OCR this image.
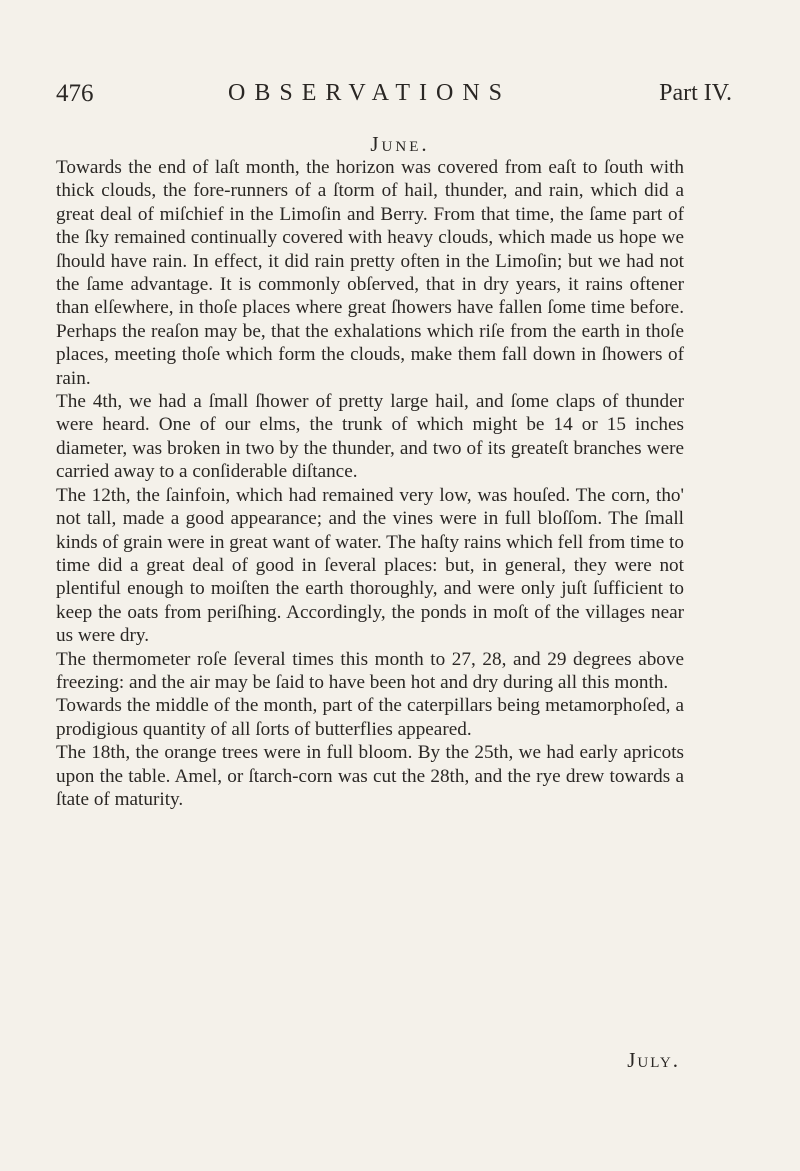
476	OBSERVATIONS	Part IV.
June.

Towards the end of laſt month, the horizon was covered from eaſt to ſouth with thick clouds, the fore-runners of a ſtorm of hail, thunder, and rain, which did a great deal of miſchief in the Limoſin and Berry. From that time, the ſame part of the ſky remained continually covered with heavy clouds, which made us hope we ſhould have rain. In effect, it did rain pretty often in the Limoſin; but we had not the ſame advantage. It is commonly obſerved, that in dry years, it rains oftener than elſewhere, in thoſe places where great ſhowers have fallen ſome time before. Perhaps the reaſon may be, that the exhalations which riſe from the earth in thoſe places, meeting thoſe which form the clouds, make them fall down in ſhowers of rain.

The 4th, we had a ſmall ſhower of pretty large hail, and ſome claps of thunder were heard. One of our elms, the trunk of which might be 14 or 15 inches diameter, was broken in two by the thunder, and two of its greateſt branches were carried away to a conſiderable diſtance.

The 12th, the ſainfoin, which had remained very low, was houſed. The corn, tho' not tall, made a good appearance; and the vines were in full bloſſom. The ſmall kinds of grain were in great want of water. The haſty rains which fell from time to time did a great deal of good in ſeveral places: but, in general, they were not plentiful enough to moiſten the earth thoroughly, and were only juſt ſufficient to keep the oats from periſhing. Accordingly, the ponds in moſt of the villages near us were dry.

The thermometer roſe ſeveral times this month to 27, 28, and 29 degrees above freezing: and the air may be ſaid to have been hot and dry during all this month.

Towards the middle of the month, part of the caterpillars being metamorphoſed, a prodigious quantity of all ſorts of butterflies appeared.

The 18th, the orange trees were in full bloom. By the 25th, we had early apricots upon the table. Amel, or ſtarch-corn was cut the 28th, and the rye drew towards a ſtate of maturity.

July.
